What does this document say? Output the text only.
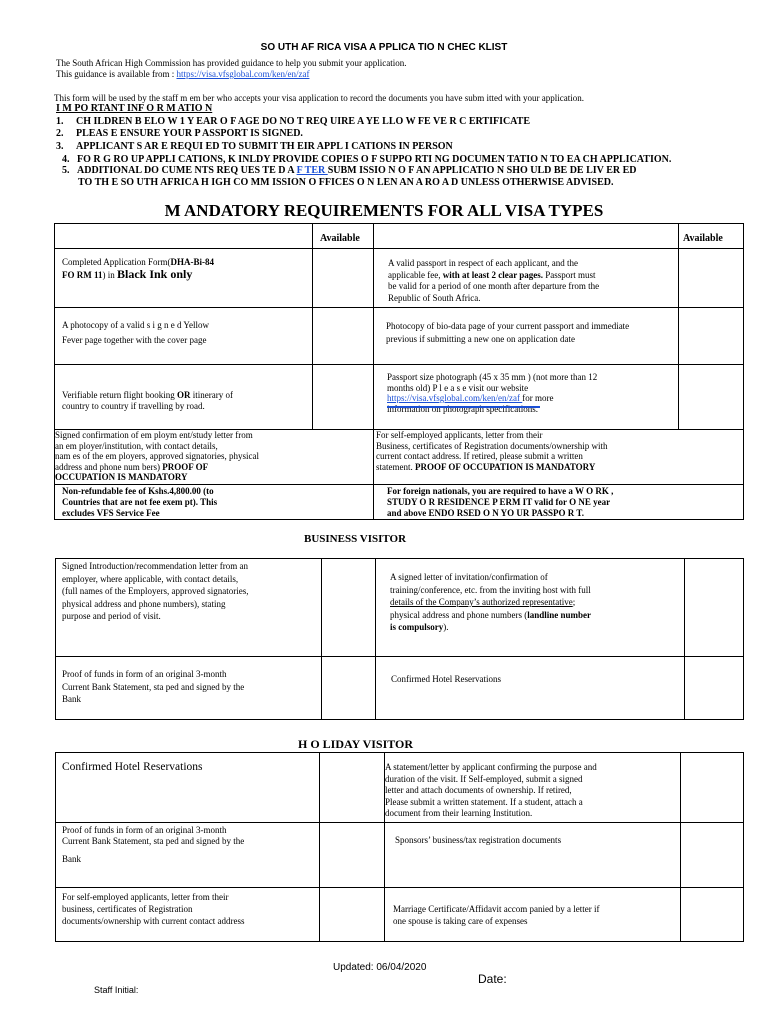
SO UTH AF RICA VISA A PPLICA TIO N CHEC KLIST
The South African High Commission has provided guidance to help you submit your application.
This guidance is available from : https://visa.vfsglobal.com/ken/en/zaf
This form will be used by the staff m em ber who accepts your visa application to record the documents you have subm itted with your application.
I M PO RTANT INF O R M ATIO N
1. CH ILDREN B ELO W 1 Y EAR O F AGE DO NO T REQ UIRE A YE LLO W FE VE R C ERTIFICATE
2. PLEAS E ENSURE YOUR P ASSPORT IS SIGNED.
3. APPLICANT S AR E REQUI ED TO SUBMIT TH EIR APPL I CATIONS IN PERSON
4. FO R G RO UP APPLI CATIONS, K INLDY PROVIDE COPIES O F SUPPO RTI NG DOCUMEN TATIO N TO EA CH APPLICATION.
5. ADDITIONAL DO CUME NTS REQ UES TE D A F TER SUBM ISSIO N O F AN APPLICATIO N SHO ULD BE DE LIV ER ED
TO TH E SO UTH AFRICA H IGH CO MM ISSION O FFICES O N LEN AN A RO A D UNLESS OTHERWISE ADVISED.
M ANDATORY REQUIREMENTS FOR ALL VISA TYPES
Available	Available
Completed Application Form(DHA-Bi-84
FO RM 11) in Black Ink only
A valid passport in respect of each applicant, and the
applicable fee, with at least 2 clear pages. Passport must
be valid for a period of one month after departure from the
Republic of South Africa.
A photocopy of a valid s i g n e d Yellow
Fever page together with the cover page
Photocopy of bio-data page of your current passport and immediate previous if submitting a new one on application date
Verifiable return flight booking OR itinerary of
country to country if travelling by road.
Passport size photograph (45 x 35 mm ) (not more than 12
months old) P l e a s e visit our website
https://visa.vfsglobal.com/ken/en/zaf for more
information on photograph specifications.
Signed confirmation of em ploym ent/study letter from
an em ployer/institution, with contact details,
nam es of the em ployers, approved signatories, physical
address and phone num bers) PROOF OF
OCCUPATION IS MANDATORY
For self-employed applicants, letter from their
Business, certificates of Registration documents/ownership with
current contact address. If retired, please submit a written
statement. PROOF OF OCCUPATION IS MANDATORY
Non-refundable fee of Kshs.4,800.00 (to
Countries that are not fee exem pt). This
excludes VFS Service Fee
For foreign nationals, you are required to have a W O RK ,
STUDY O R RESIDENCE P ERM IT valid for O NE year
and above ENDO RSED O N YO UR PASSPO R T.
BUSINESS VISITOR
Signed Introduction/recommendation letter from an
employer, where applicable, with contact details,
(full names of the Employers, approved signatories,
physical address and phone numbers), stating
purpose and period of visit.
A signed letter of invitation/confirmation of
training/conference, etc. from the inviting host with full
details of the Company’s authorized representative;
physical address and phone numbers (landline number
is compulsory).
Proof of funds in form of an original 3-month
Current Bank Statement, sta ped and signed by the
Bank
Confirmed Hotel Reservations
H O LIDAY VISITOR
Confirmed Hotel Reservations	A statement/letter by applicant confirming the purpose and
duration of the visit. If Self-employed, submit a signed
letter and attach documents of ownership. If retired,
Please submit a written statement. If a student, attach a
document from their learning Institution.
Proof of funds in form of an original 3-month
Current Bank Statement, sta ped and signed by the
Bank
Sponsors’ business/tax registration documents
For self-employed applicants, letter from their
business, certificates of Registration
documents/ownership with current contact address
Marriage Certificate/Affidavit accom panied by a letter if
one spouse is taking care of expenses
Updated: 06/04/2020
Date:
Staff Initial:
